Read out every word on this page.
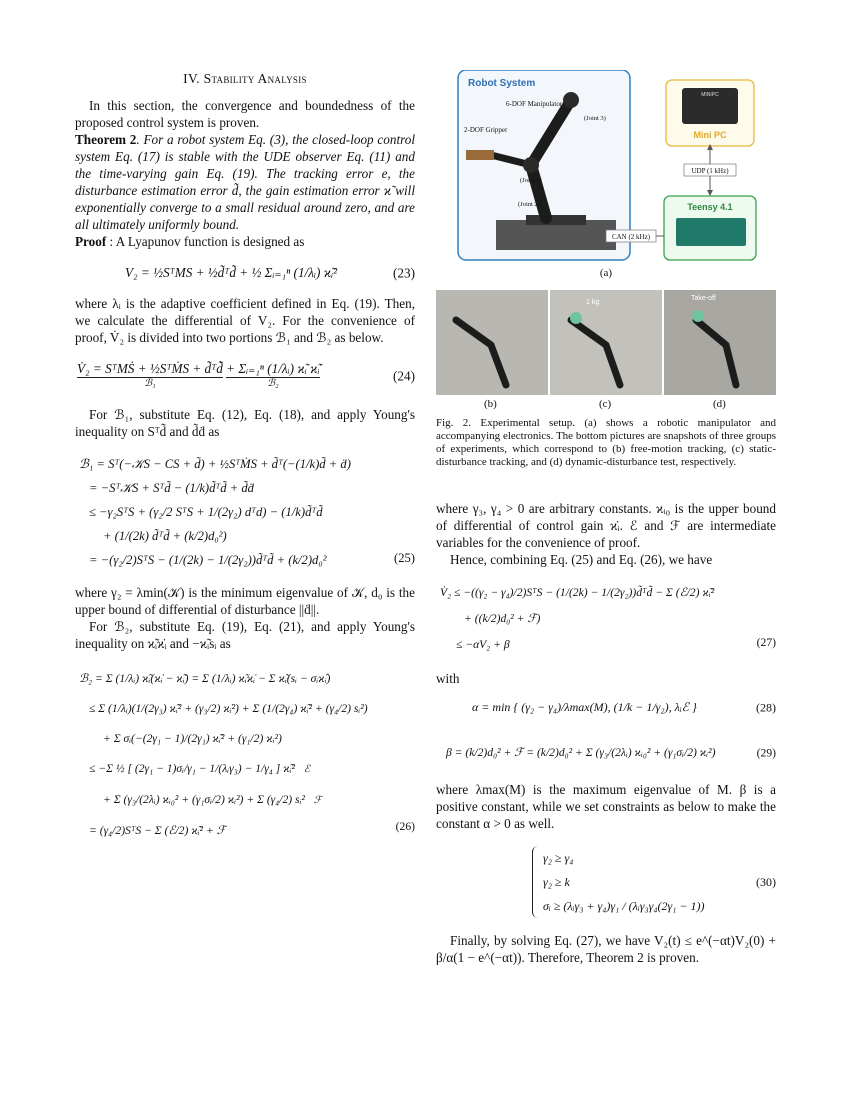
IV. Stability Analysis

In this section, the convergence and boundedness of the proposed control system is proven.

Theorem 2. For a robot system Eq. (3), the closed-loop control system Eq. (17) is stable with the UDE observer Eq. (11) and the time-varying gain Eq. (19). The tracking error e, the disturbance estimation error d̃, the gain estimation error ϰ̃ will exponentially converge to a small residual around zero, and are all ultimately uniformly bound.

Proof : A Lyapunov function is designed as

V₂ = ½SᵀMS + ½d̃ᵀd̃ + ½ Σᵢ₌₁ⁿ (1/λᵢ) ϰ̃ᵢ²	(23)

where λᵢ is the adaptive coefficient defined in Eq. (19). Then, we calculate the differential of V₂. For the convenience of proof, V̇₂ is divided into two portions ℬ₁ and ℬ₂ as below.

V̇₂ = SᵀMṠ + ½SᵀṀS + d̃ᵀd̃̇
ℬ₁
+ Σᵢ₌₁ⁿ (1/λᵢ) ϰ̃ᵢ ϰ̃̇ᵢ
ℬ₂	(24)

For ℬ₁, substitute Eq. (12), Eq. (18), and apply Young's inequality on Sᵀd̃ and d̃ḋ as

ℬ₁ = Sᵀ(−𝒦S − CS + d̃) + ½SᵀṀS + d̃ᵀ(−(1/k)d̃ + ḋ)
= −Sᵀ𝒦S + Sᵀd̃ − (1/k)d̃ᵀd̃ + d̃ḋ
≤ −γ₂SᵀS + (γ₂/2 SᵀS + 1/(2γ₂) dᵀd) − (1/k)d̃ᵀd̃
+ (1/(2k) d̃ᵀd̃ + (k/2)d₀²)
= −(γ₂/2)SᵀS − (1/(2k) − 1/(2γ₂))d̃ᵀd̃ + (k/2)d₀²	(25)

where γ₂ = λmin(𝒦) is the minimum eigenvalue of 𝒦, d₀ is the upper bound of differential of disturbance ||ḋ||.

For ℬ₂, substitute Eq. (19), Eq. (21), and apply Young's inequality on ϰ̃ᵢϰ̇ᵢ and −ϰ̃ᵢsᵢ as

ℬ₂ = Σ (1/λᵢ) ϰ̃ᵢ(ϰ̇ᵢ − ϰ̃̇ᵢ) = Σ (1/λᵢ) ϰ̃ᵢϰ̇ᵢ − Σ ϰ̃ᵢ(sᵢ − σᵢϰ̂ᵢ)
≤ Σ (1/λᵢ)(1/(2γ₃) ϰ̃ᵢ² + (γ₃/2) ϰ̇ᵢ²) + Σ (1/(2γ₄) ϰ̃ᵢ² + (γ₄/2) sᵢ²)
+ Σ σᵢ(−(2γ₁ − 1)/(2γ₁) ϰ̃ᵢ² + (γ₁/2) ϰᵢ²)
≤ −Σ ½ [ (2γ₁ − 1)σᵢ/γ₁ − 1/(λᵢγ₃) − 1/γ₄ ] ϰ̃ᵢ² ℰ
+ Σ (γ₃/(2λᵢ) ϰᵢ₀² + (γ₁σᵢ/2) ϰᵢ²) + Σ (γ₄/2) sᵢ² ℱ
= (γ₄/2)SᵀS − Σ (ℰ/2) ϰ̃ᵢ² + ℱ	(26)
Robot System
6-DOF Manipulator
2-DOF Gripper
(Joint 3)
(Joint 5)
(Joint 2)
MINIPC
Mini PC
UDP (1 kHz)
Teensy 4.1
CAN (2 kHz)
(a)
1 kg
Take-off
(b)	(c)	(d)
Fig. 2. Experimental setup. (a) shows a robotic manipulator and accompanying electronics. The bottom pictures are snapshots of three groups of experiments, which correspond to (b) free-motion tracking, (c) static-disturbance tracking, and (d) dynamic-disturbance test, respectively.

where γ₃, γ₄ > 0 are arbitrary constants. ϰᵢ₀ is the upper bound of differential of control gain ϰ̇ᵢ. ℰ and ℱ are intermediate variables for the convenience of proof.

Hence, combining Eq. (25) and Eq. (26), we have

V̇₂ ≤ −((γ₂ − γ₄)/2)SᵀS − (1/(2k) − 1/(2γ₂))d̃ᵀd̃ − Σ (ℰ/2) ϰ̃ᵢ²
+ ((k/2)d₀² + ℱ)
≤ −αV₂ + β	(27)

with

α = min { (γ₂ − γ₄)/λmax(M), (1/k − 1/γ₂), λᵢℰ }	(28)
β = (k/2)d₀² + ℱ = (k/2)d₀² + Σ (γ₃/(2λᵢ) ϰᵢ₀² + (γ₁σᵢ/2) ϰᵢ²)	(29)

where λmax(M) is the maximum eigenvalue of M. β is a positive constant, while we set constraints as below to make the constant α > 0 as well.

γ₂ ≥ γ₄
γ₂ ≥ k
σᵢ ≥ (λᵢγ₃ + γ₄)γ₁ / (λᵢγ₃γ₄(2γ₁ − 1))
(30)

Finally, by solving Eq. (27), we have V₂(t) ≤ e^(−αt)V₂(0) + β/α(1 − e^(−αt)). Therefore, Theorem 2 is proven.
